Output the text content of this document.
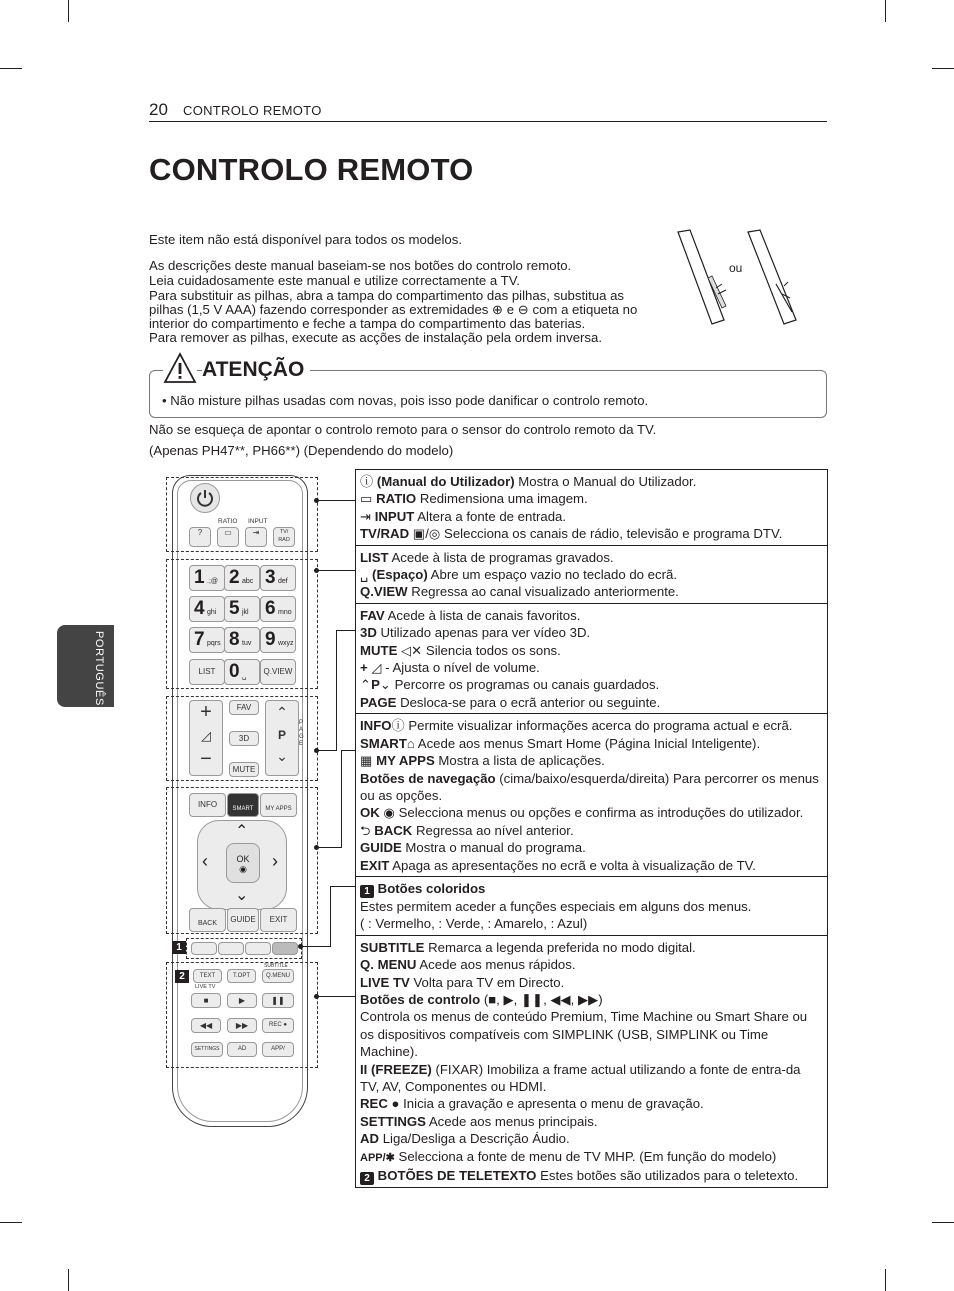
20 CONTROLO REMOTO
CONTROLO REMOTO
PORTUGUÊS
Este item não está disponível para todos os modelos.
As descrições deste manual baseiam-se nos botões do controlo remoto.
Leia cuidadosamente este manual e utilize correctamente a TV.
Para substituir as pilhas, abra a tampa do compartimento das pilhas, substitua as
pilhas (1,5 V AAA) fazendo corresponder as extremidades ⊕ e ⊖ com a etiqueta no
interior do compartimento e feche a tampa do compartimento das baterias.
Para remover as pilhas, execute as acções de instalação pela ordem inversa.
ou
ATENÇÃO
• Não misture pilhas usadas com novas, pois isso pode danificar o controlo remoto.
Não se esqueça de apontar o controlo remoto para o sensor do controlo remoto da TV.
(Apenas PH47**, PH66**) (Dependendo do modelo)
RATIO INPUT
?	▭	⇥	TV/ RAD
1 .;@ 2 abc 3 def
4 ghi 5 jkl 6 mno
7 pqrs 8 tuv 9 wxyz
LIST 0 ␣
Q.VIEW
+
◿
−
FAV
3D
MUTE
⌃
P
⌄
PAGE
INFO	SMART	MY APPS
⌃
⌄
‹	›
OK
◉
BACK	GUIDE	EXIT
1
2	TEXT	T.OPT
SUBTITLE
Q.MENU
LIVE TV
■	▶	❚❚
◀◀	▶▶	REC ●
SETTINGS	AD	APP/

ⓘ (Manual do Utilizador) Mostra o Manual do Utilizador.

▭ RATIO Redimensiona uma imagem.

⇥ INPUT Altera a fonte de entrada.

TV/RAD ▣/◎ Selecciona os canais de rádio, televisão e programa DTV.

LIST Acede à lista de programas gravados.

␣ (Espaço) Abre um espaço vazio no teclado do ecrã.

Q.VIEW Regressa ao canal visualizado anteriormente.

FAV Acede à lista de canais favoritos.

3D Utilizado apenas para ver vídeo 3D.

MUTE ◁✕ Silencia todos os sons.

+ ◿ - Ajusta o nível de volume.

⌃P⌄ Percorre os programas ou canais guardados.

PAGE Desloca-se para o ecrã anterior ou seguinte.

INFOⓘ Permite visualizar informações acerca do programa actual e ecrã.

SMART⌂ Acede aos menus Smart Home (Página Inicial Inteligente).

▦ MY APPS Mostra a lista de aplicações.

Botões de navegação (cima/baixo/esquerda/direita) Para percorrer os menus ou as opções.

OK ◉ Selecciona menus ou opções e confirma as introduções do utilizador.

⮌ BACK Regressa ao nível anterior.

GUIDE Mostra o manual do programa.

EXIT Apaga as apresentações no ecrã e volta à visualização de TV.

1 Botões coloridos

Estes permitem aceder a funções especiais em alguns dos menus.

( : Vermelho, : Verde, : Amarelo, : Azul)

SUBTITLE Remarca a legenda preferida no modo digital.

Q. MENU Acede aos menus rápidos.

LIVE TV Volta para TV em Directo.

Botões de controlo (■, ▶, ❚❚, ◀◀, ▶▶)

Controla os menus de conteúdo Premium, Time Machine ou Smart Share ou os dispositivos compatíveis com SIMPLINK (USB, SIMPLINK ou Time Machine).

II (FREEZE) (FIXAR) Imobiliza a frame actual utilizando a fonte de entra-da TV, AV, Componentes ou HDMI.

REC ● Inicia a gravação e apresenta o menu de gravação.

SETTINGS Acede aos menus principais.

AD Liga/Desliga a Descrição Áudio.

APP/✱ Selecciona a fonte de menu de TV MHP. (Em função do modelo)

2 BOTÕES DE TELETEXTO Estes botões são utilizados para o teletexto.
